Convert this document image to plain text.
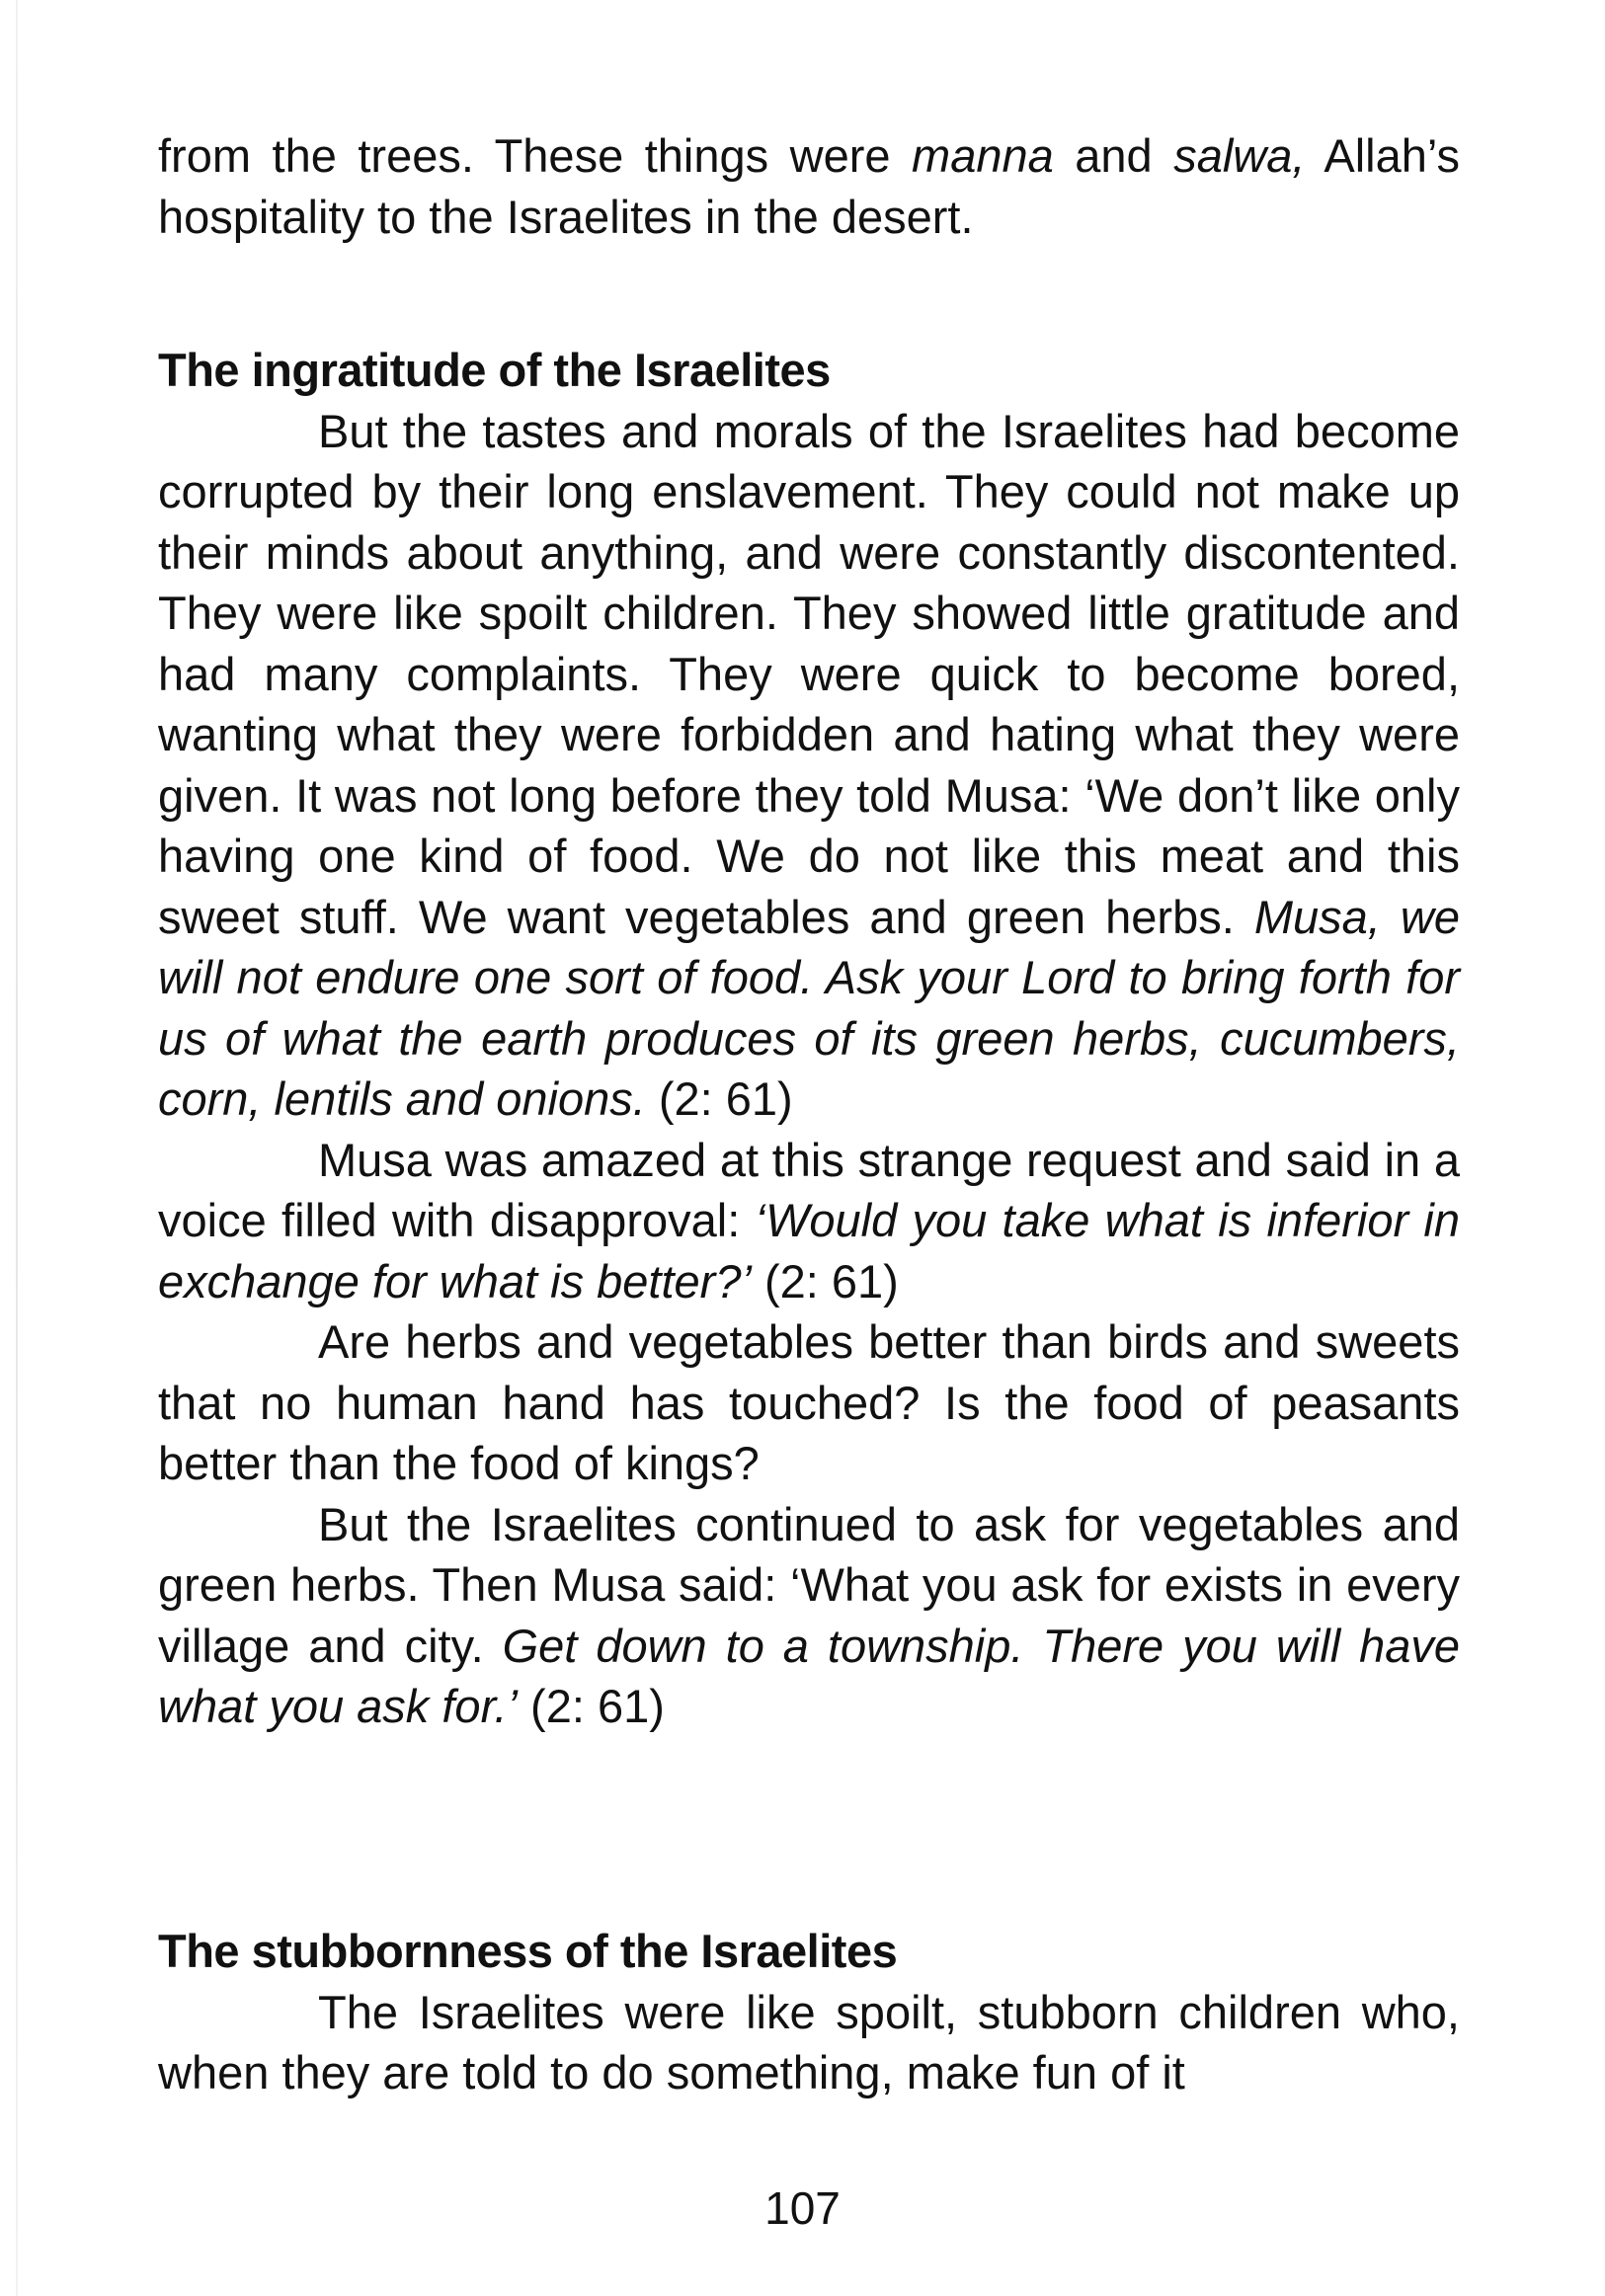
from the trees. These things were manna and salwa, Allah’s hospitality to the Israelites in the desert.

The ingratitude of the Israelites

But the tastes and morals of the Israelites had become corrupted by their long enslavement. They could not make up their minds about anything, and were constantly discontented. They were like spoilt children. They showed little gratitude and had many complaints. They were quick to become bored, wanting what they were forbidden and hating what they were given. It was not long before they told Musa: ‘We don’t like only having one kind of food. We do not like this meat and this sweet stuff. We want vegetables and green herbs. Musa, we will not endure one sort of food. Ask your Lord to bring forth for us of what the earth produces of its green herbs, cucumbers, corn, lentils and onions. (2: 61)

Musa was amazed at this strange request and said in a voice filled with disapproval: ‘Would you take what is inferior in exchange for what is better?’ (2: 61)

Are herbs and vegetables better than birds and sweets that no human hand has touched? Is the food of peasants better than the food of kings?

But the Israelites continued to ask for vegetables and green herbs. Then Musa said: ‘What you ask for exists in every village and city. Get down to a township. There you will have what you ask for.’ (2: 61)

The stubbornness of the Israelites

The Israelites were like spoilt, stubborn children who, when they are told to do something, make fun of it

107
